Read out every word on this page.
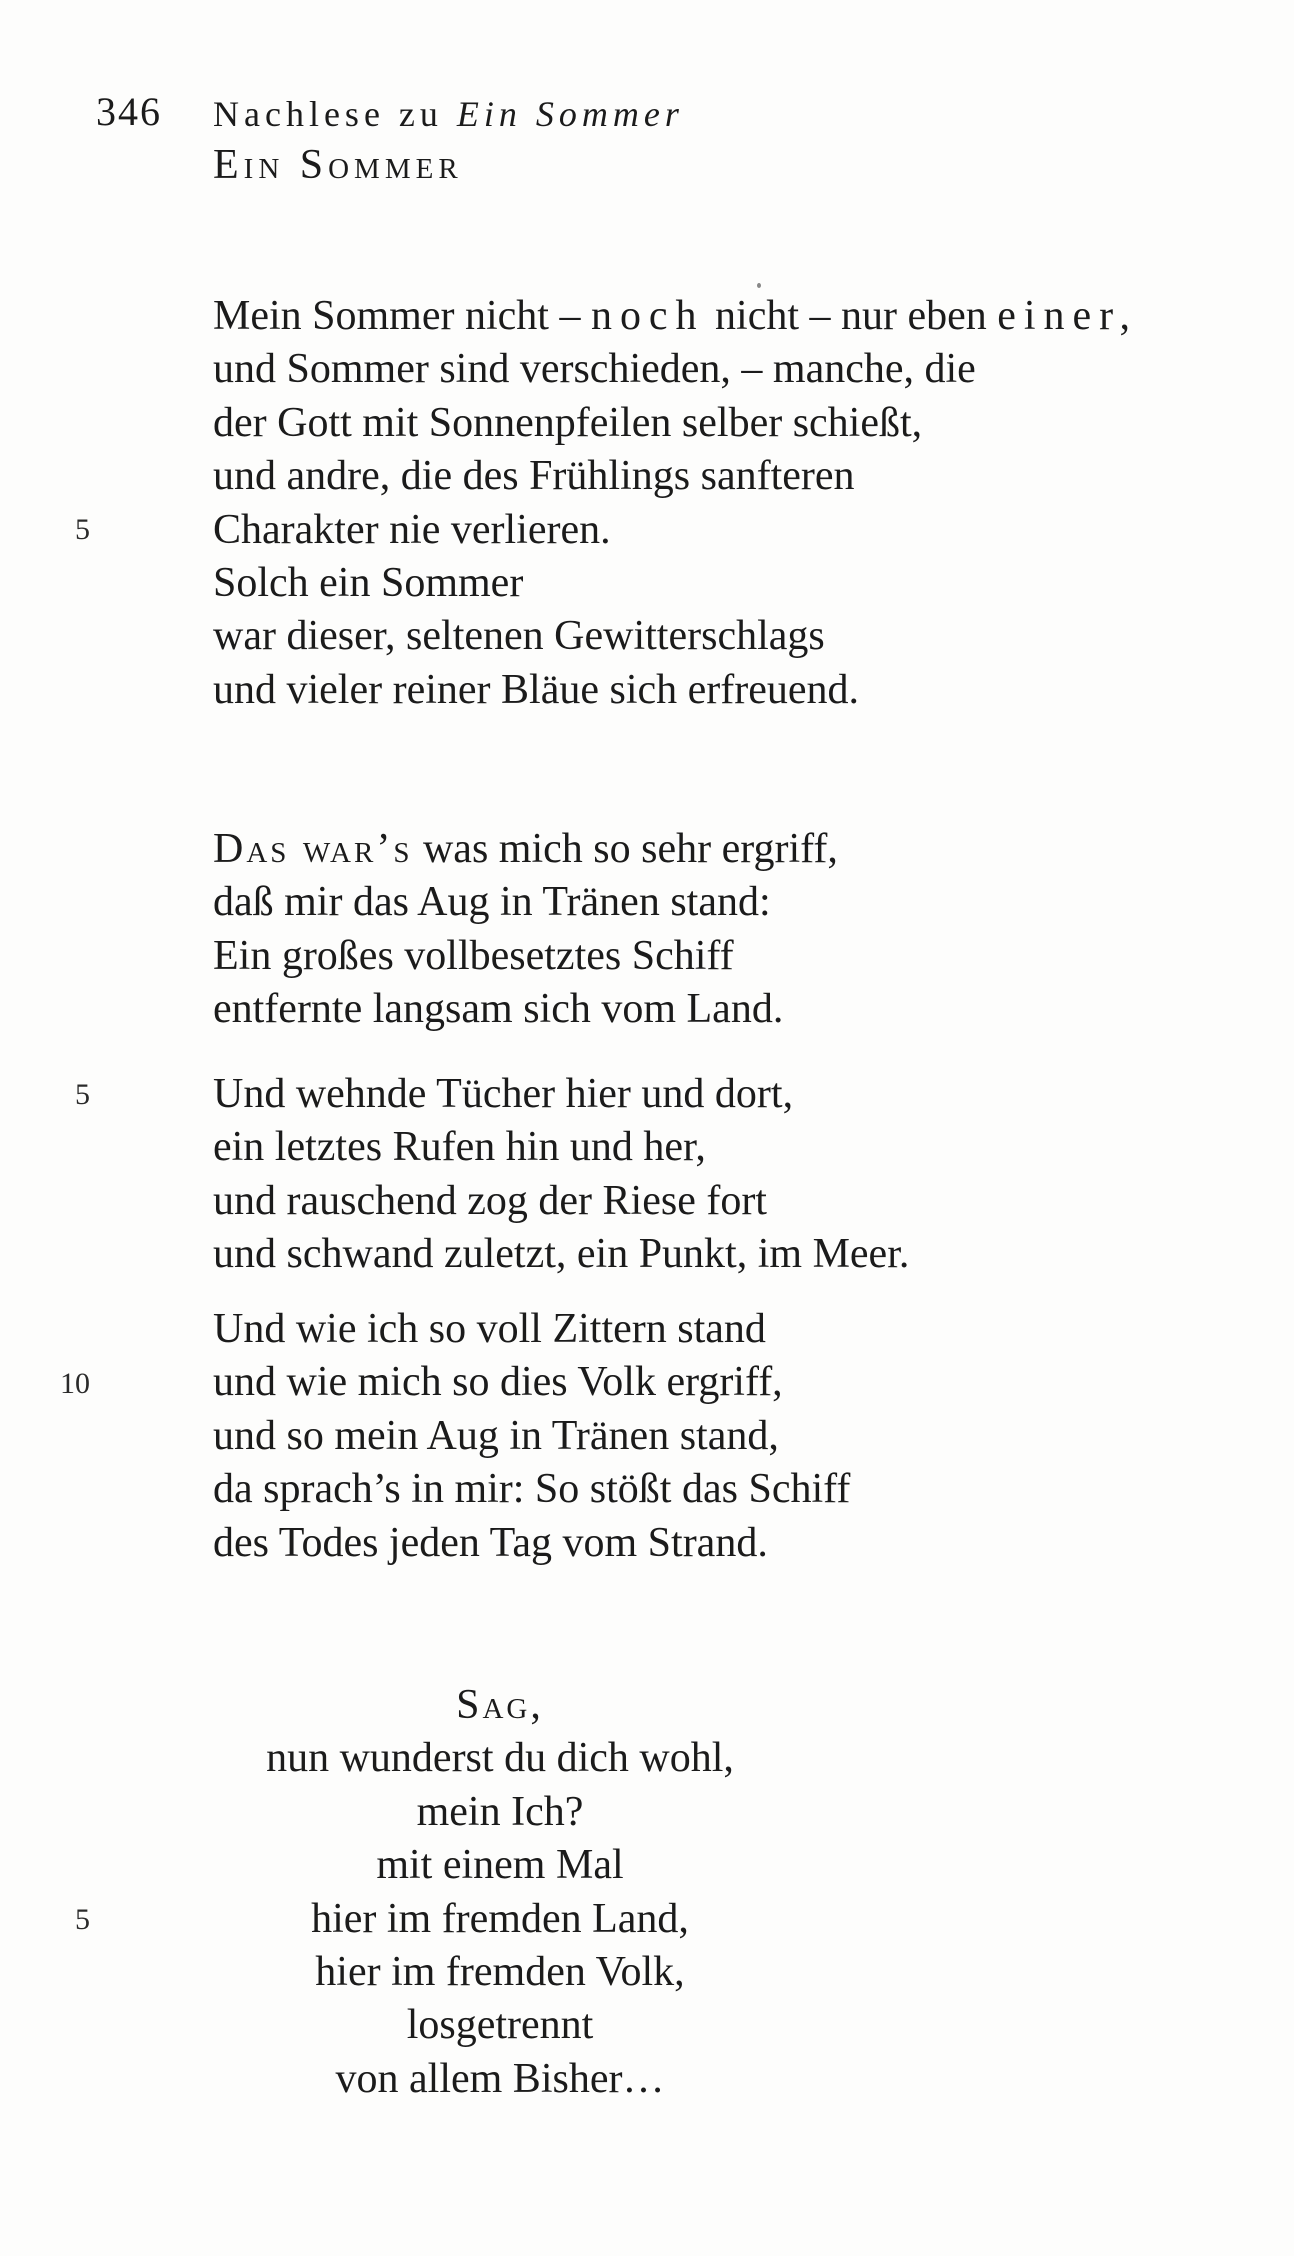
346 Nachlese zu Ein Sommer
Ein Sommer
Mein Sommer nicht – noch nicht – nur eben einer,
und Sommer sind verschieden, – manche, die
der Gott mit Sonnenpfeilen selber schießt,
und andre, die des Frühlings sanfteren
Charakter nie verlieren.
Solch ein Sommer
war dieser, seltenen Gewitterschlags
und vieler reiner Bläue sich erfreuend.
5
Das war’s was mich so sehr ergriff,
daß mir das Aug in Tränen stand:
Ein großes vollbesetztes Schiff
entfernte langsam sich vom Land.
Und wehnde Tücher hier und dort,
ein letztes Rufen hin und her,
und rauschend zog der Riese fort
und schwand zuletzt, ein Punkt, im Meer.
5
Und wie ich so voll Zittern stand
und wie mich so dies Volk ergriff,
und so mein Aug in Tränen stand,
da sprach’s in mir: So stößt das Schiff
des Todes jeden Tag vom Strand.
10
Sag,
nun wunderst du dich wohl,
mein Ich?
mit einem Mal
hier im fremden Land,
hier im fremden Volk,
losgetrennt
von allem Bisher…
5
